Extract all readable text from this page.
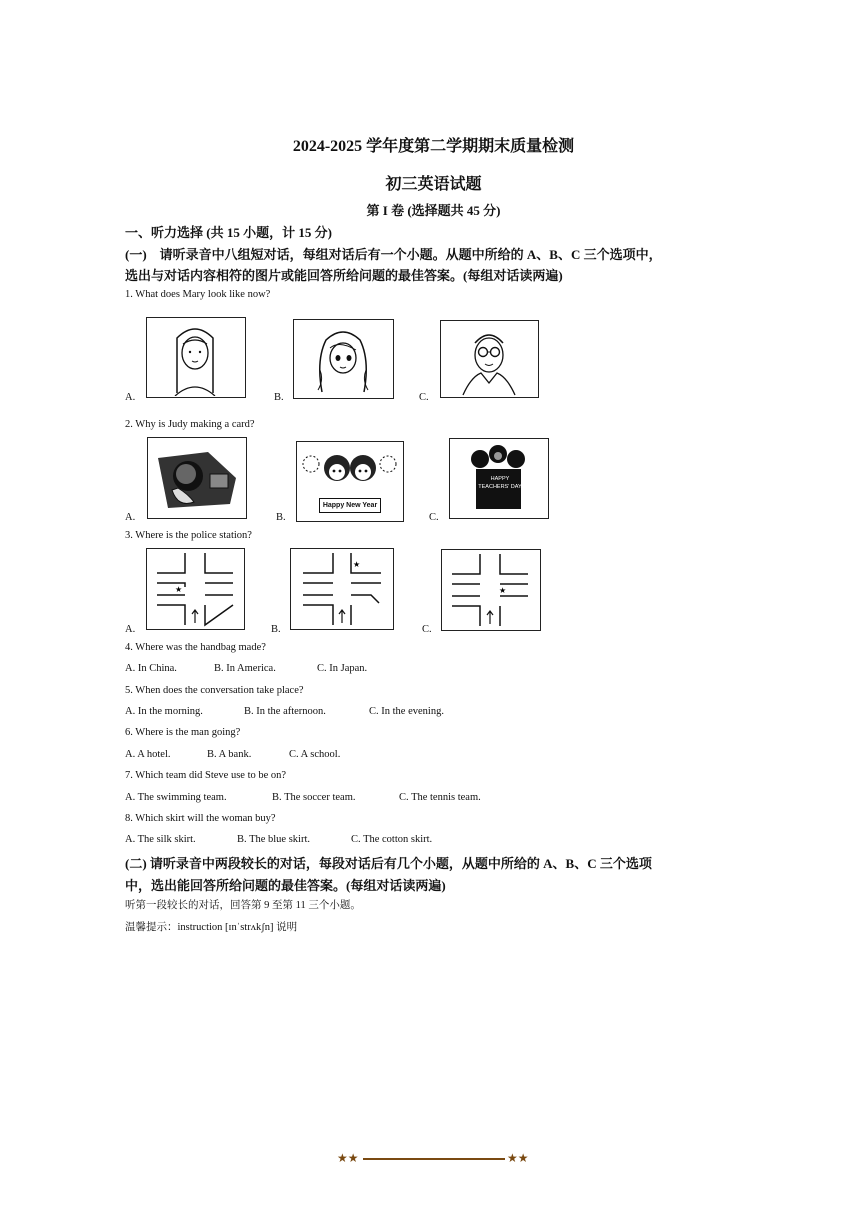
2024-2025 学年度第二学期期末质量检测
初三英语试题
第 I 卷 (选择题共 45 分)
一、听力选择 (共 15 小题，计 15 分)
(一)    请听录音中八组短对话，每组对话后有一个小题。从题中所给的 A、B、C 三个选项中，
选出与对话内容相符的图片或能回答所给问题的最佳答案。(每组对话读两遍)
1. What does Mary look like now?
A.	B.	C.
2. Why is Judy making a card?
A.	B.	C.
Happy New Year
HAPPY TEACHERS' DAY
3. Where is the police station?
A.	B.	C.
★
★
★
4. Where was the handbag made?
A. In China.	B. In America.	C. In Japan.
5. When does the conversation take place?
A. In the morning.	B. In the afternoon.	C. In the evening.
6. Where is the man going?
A. A hotel.	B. A bank.	C. A school.
7. Which team did Steve use to be on?
A. The swimming team.	B. The soccer team.	C. The tennis team.
8. Which skirt will the woman buy?
A. The silk skirt.	B. The blue skirt.	C. The cotton skirt.
(二) 请听录音中两段较长的对话，每段对话后有几个小题，从题中所给的 A、B、C 三个选项
中，选出能回答所给问题的最佳答案。(每组对话读两遍)
听第一段较长的对话，回答第 9 至第 11 三个小题。
温馨提示：instruction [ɪnˈstrʌkʃn] 说明
★★	★★
